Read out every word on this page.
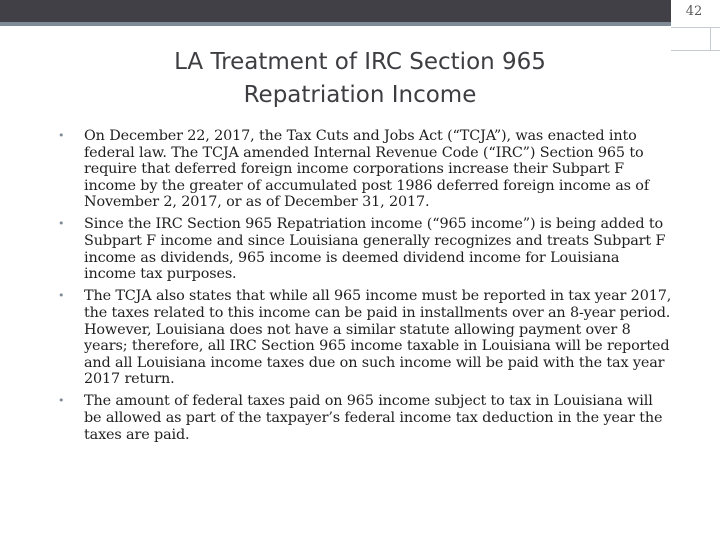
42
LA Treatment of IRC Section 965 Repatriation Income
• On December 22, 2017, the Tax Cuts and Jobs Act (“TCJA”), was enacted into federal law. The TCJA amended Internal Revenue Code (“IRC”) Section 965 to require that deferred foreign income corporations increase their Subpart F income by the greater of accumulated post 1986 deferred foreign income as of November 2, 2017, or as of December 31, 2017.
• Since the IRC Section 965 Repatriation income (“965 income”) is being added to Subpart F income and since Louisiana generally recognizes and treats Subpart F income as dividends, 965 income is deemed dividend income for Louisiana income tax purposes.
• The TCJA also states that while all 965 income must be reported in tax year 2017, the taxes related to this income can be paid in installments over an 8-year period. However, Louisiana does not have a similar statute allowing payment over 8 years; therefore, all IRC Section 965 income taxable in Louisiana will be reported and all Louisiana income taxes due on such income will be paid with the tax year 2017 return.
• The amount of federal taxes paid on 965 income subject to tax in Louisiana will be allowed as part of the taxpayer’s federal income tax deduction in the year the taxes are paid.
